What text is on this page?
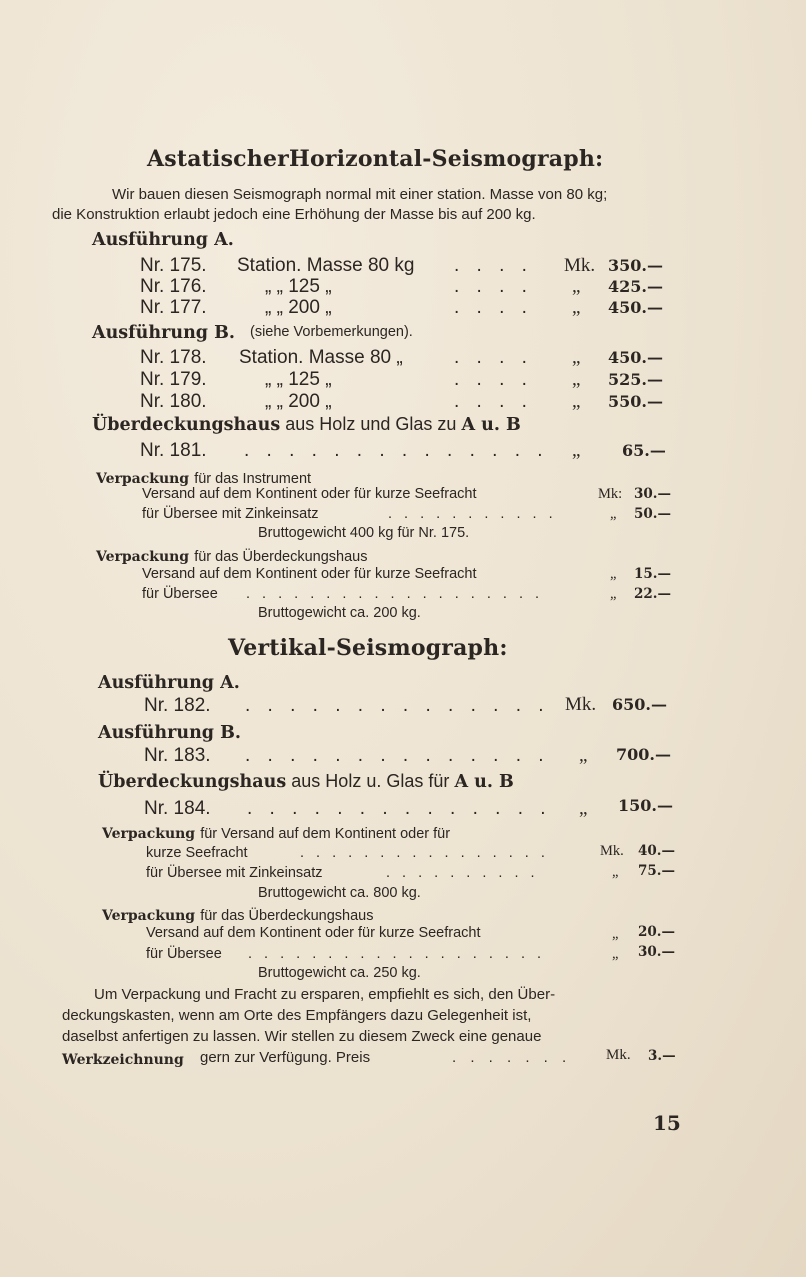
AstatischerHorizontal-Seismograph:
Wir bauen diesen Seismograph normal mit einer station. Masse von 80 kg;
die Konstruktion erlaubt jedoch eine Erhöhung der Masse bis auf 200 kg.
Ausführung A.
Nr. 175. Station. Masse 80 kg . . . . Mk. 350.—
Nr. 176.	„ „ 125 „	. . . . „ 425.—
Nr. 177.	„ „ 200 „	. . . . „ 450.—
Ausführung B. (siehe Vorbemerkungen).
Nr. 178. Station. Masse 80 „	. . . . „ 450.—
Nr. 179.	„ „ 125 „	. . . . „ 525.—
Nr. 180.	„ „ 200 „	. . . . „ 550.—
Überdeckungshaus aus Holz und Glas zu A u. B
Nr. 181. . . . . . . . . . . . . . . „	65.—
Verpackung für das Instrument
Versand auf dem Kontinent oder für kurze Seefracht	Mk: 30.—
für Übersee mit Zinkeinsatz	. . . . . . . . . . .	„ 50.—
Bruttogewicht 400 kg für Nr. 175.
Verpackung für das Überdeckungshaus
Versand auf dem Kontinent oder für kurze Seefracht	„ 15.—
für Übersee . . . . . . . . . . . . . . . . . . .	„ 22.—
Bruttogewicht ca. 200 kg.
Vertikal-Seismograph:
Ausführung A.
Nr. 182. . . . . . . . . . . . . . . Mk. 650.—
Ausführung B.
Nr. 183. . . . . . . . . . . . . . . „ 700.—
Überdeckungshaus aus Holz u. Glas für A u. B
Nr. 184. . . . . . . . . . . . . . . „ 150.—
Verpackung für Versand auf dem Kontinent oder für
kurze Seefracht	. . . . . . . . . . . . . . . .	Mk. 40.—
für Übersee mit Zinkeinsatz	. . . . . . . . . .	„ 75.—
Bruttogewicht ca. 800 kg.
Verpackung für das Überdeckungshaus
Versand auf dem Kontinent oder für kurze Seefracht	„ 20.—
für Übersee . . . . . . . . . . . . . . . . . . .	„ 30.—
Bruttogewicht ca. 250 kg.
Um Verpackung und Fracht zu ersparen, empfiehlt es sich, den Über-
deckungskasten, wenn am Orte des Empfängers dazu Gelegenheit ist,
daselbst anfertigen zu lassen. Wir stellen zu diesem Zweck eine genaue
Werkzeichnung gern zur Verfügung. Preis	. . . . . . . Mk. 3.—
15
